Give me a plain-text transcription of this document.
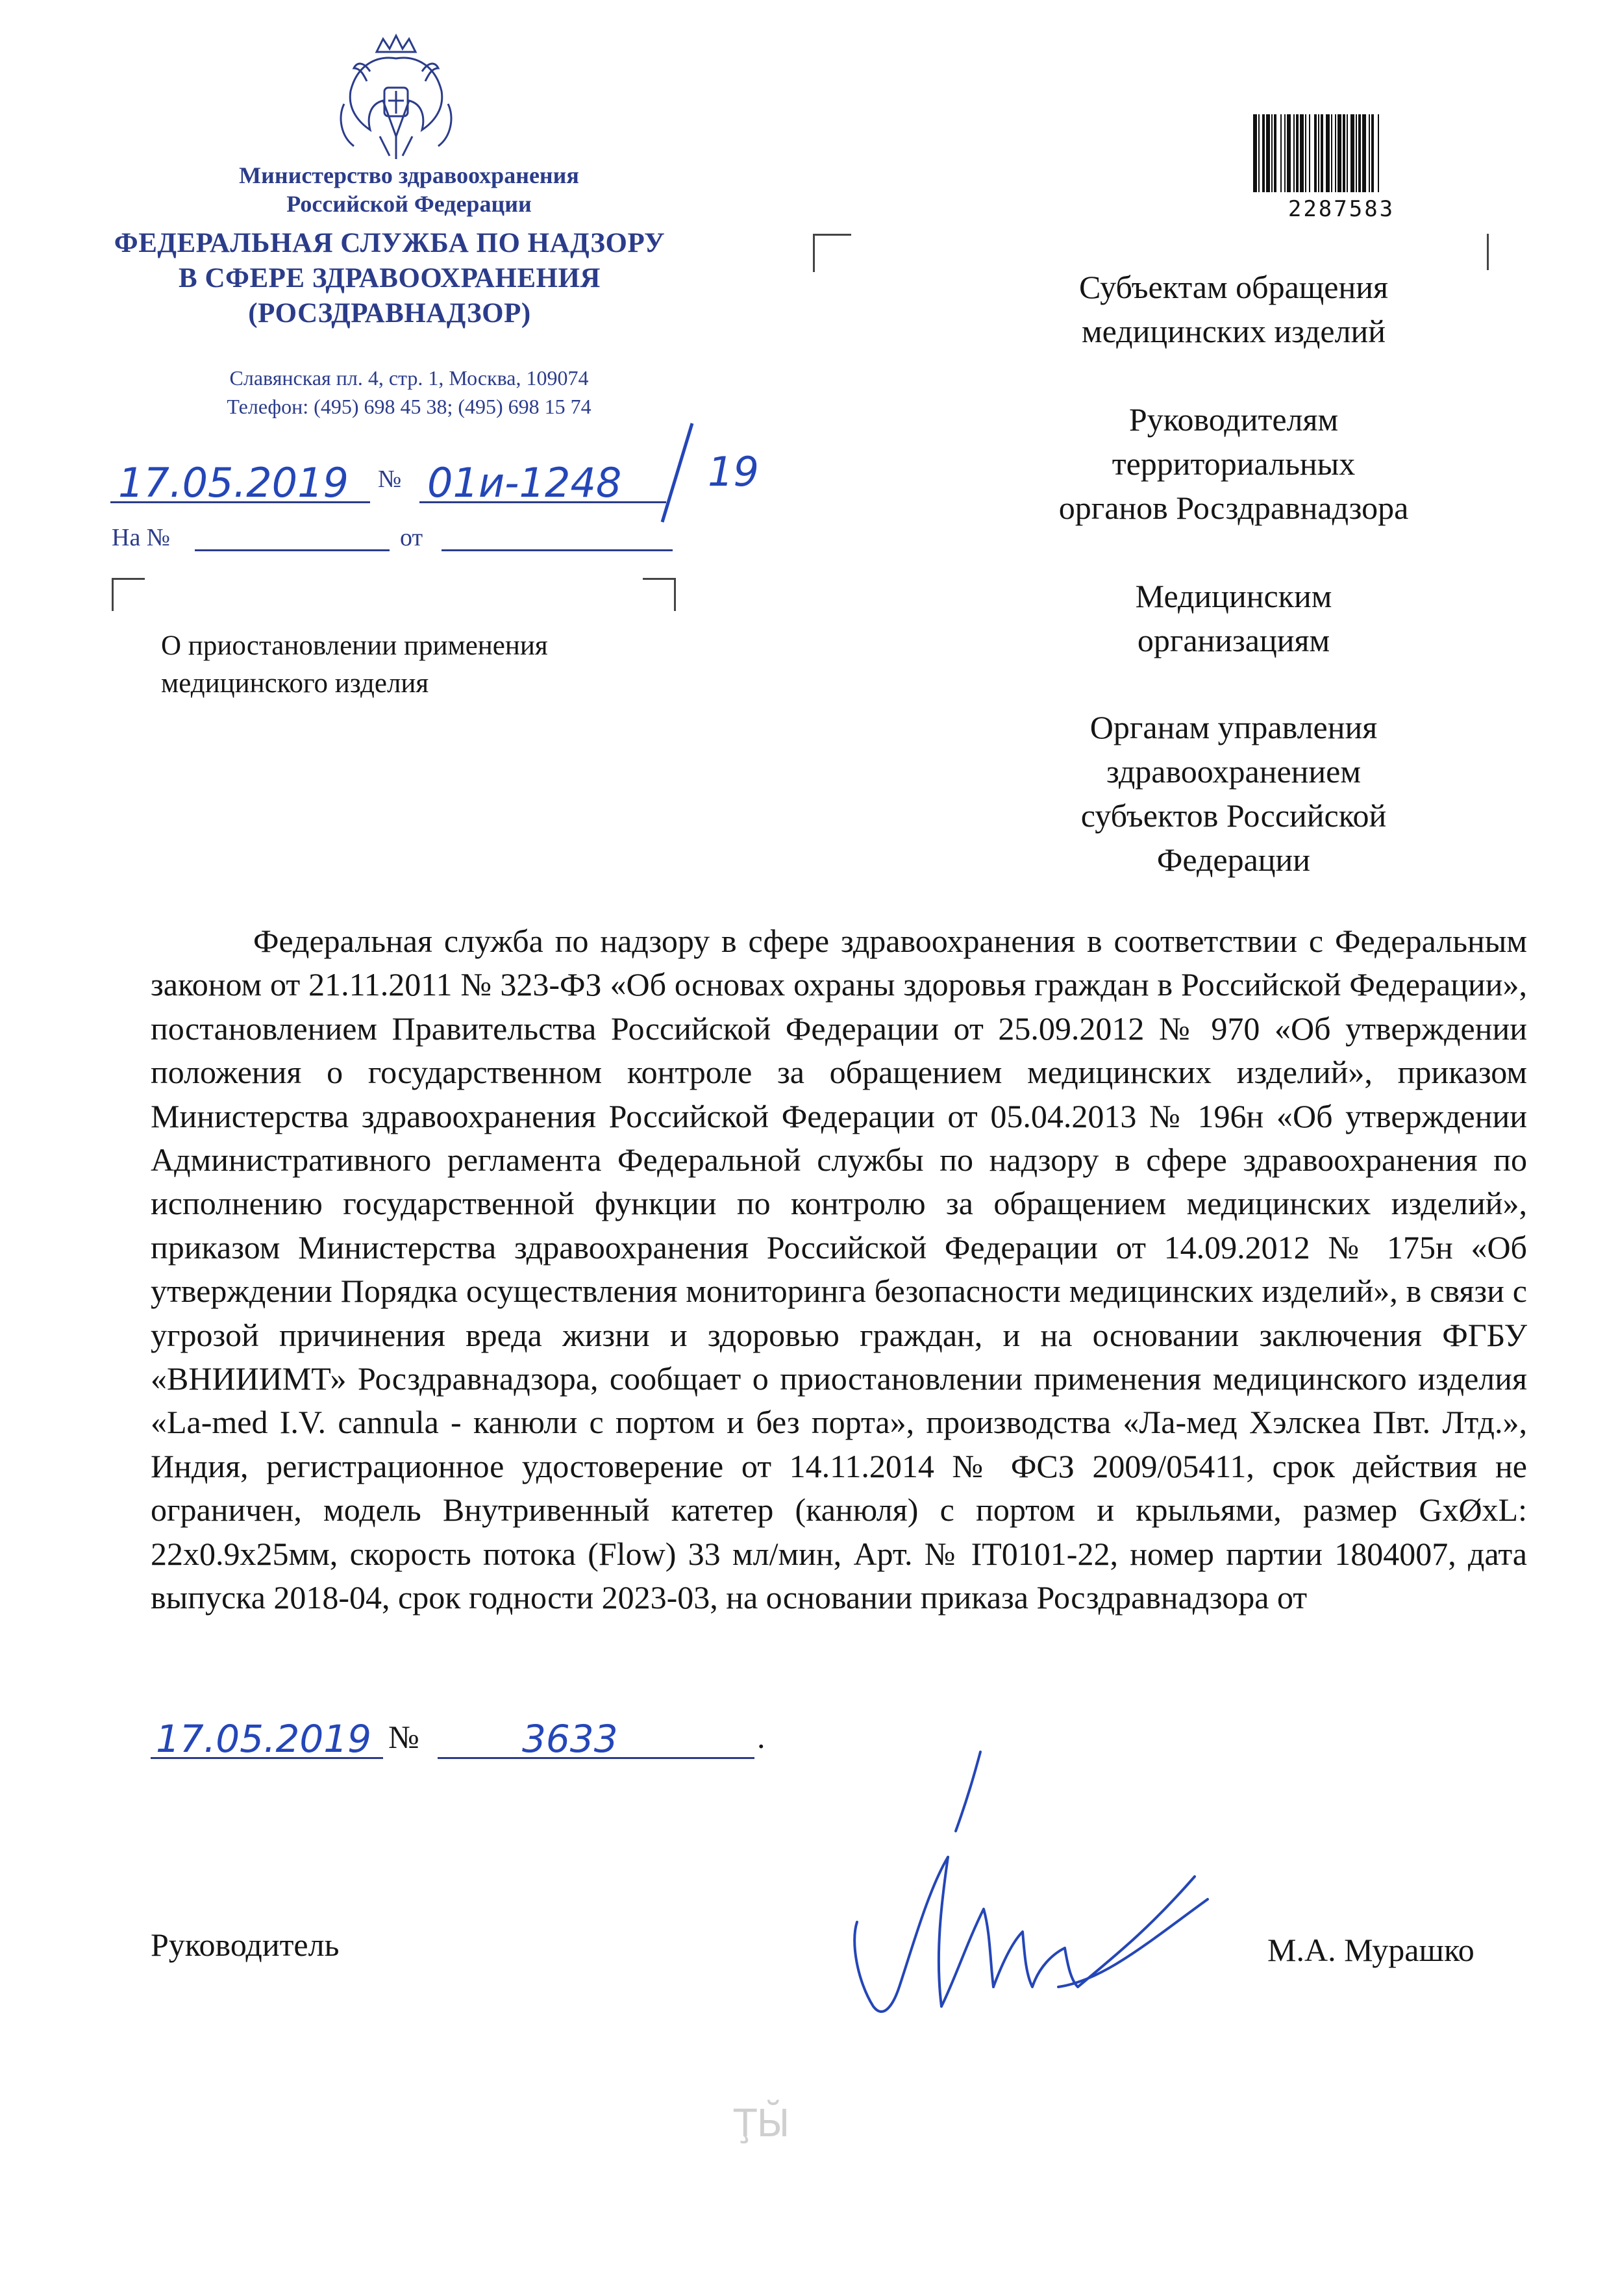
Министерство здравоохранения
Российской Федерации
ФЕДЕРАЛЬНАЯ СЛУЖБА ПО НАДЗОРУ
В СФЕРЕ ЗДРАВООХРАНЕНИЯ
(РОСЗДРАВНАДЗОР)
Славянская пл. 4, стр. 1, Москва, 109074
Телефон: (495) 698 45 38; (495) 698 15 74
17.05.2019 № 01и-1248 19
На №	от
О приостановлении применения
медицинского изделия
2287583
Субъектам обращения
медицинских изделий
Руководителям
территориальных
органов Росздравнадзора
Медицинским
организациям
Органам управления
здравоохранением
субъектов Российской
Федерации
Федеральная служба по надзору в сфере здравоохранения в соответствии с Федеральным законом от 21.11.2011 № 323-ФЗ «Об основах охраны здоровья граждан в Российской Федерации», постановлением Правительства Российской Федерации от 25.09.2012 № 970 «Об утверждении положения о государственном контроле за обращением медицинских изделий», приказом Министерства здравоохранения Российской Федерации от 05.04.2013 № 196н «Об утверждении Административного регламента Федеральной службы по надзору в сфере здравоохранения по исполнению государственной функции по контролю за обращением медицинских изделий», приказом Министерства здравоохранения Российской Федерации от 14.09.2012 № 175н «Об утверждении Порядка осуществления мониторинга безопасности медицинских изделий», в связи с угрозой причинения вреда жизни и здоровью граждан, и на основании заключения ФГБУ «ВНИИИМТ» Росздравнадзора, сообщает о приостановлении применения медицинского изделия «La-med I.V. cannula - канюли с портом и без порта», производства «Ла-мед Хэлскеа Пвт. Лтд.», Индия, регистрационное удостоверение от 14.11.2014 № ФСЗ 2009/05411, срок действия не ограничен, модель Внутривенный катетер (канюля) с портом и крыльями, размер GxØxL: 22x0.9x25мм, скорость потока (Flow) 33 мл/мин, Арт. № IT0101-22, номер партии 1804007, дата выпуска 2018-04, срок годности 2023-03, на основании приказа Росздравнадзора от
17.05.2019 №	3633	.
Руководитель	М.А. Мурашко
ŢЫ̆
